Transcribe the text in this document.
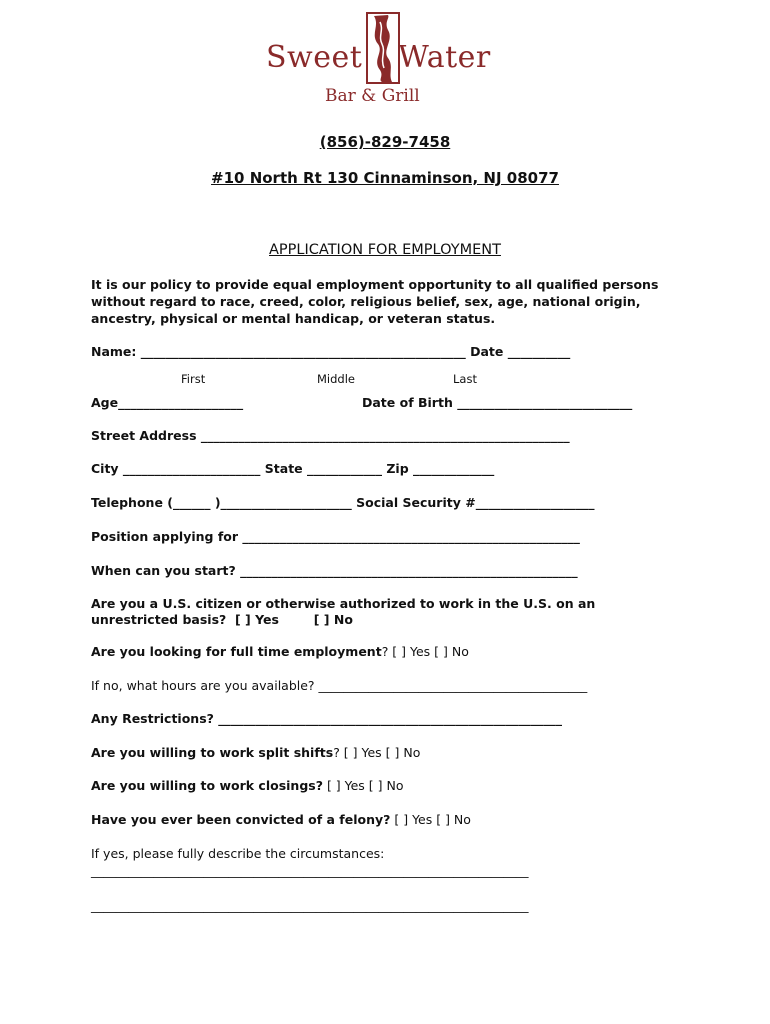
Sweet Water
Bar & Grill
(856)-829-7458
#10 North Rt 130 Cinnaminson, NJ 08077
APPLICATION FOR EMPLOYMENT
It is our policy to provide equal employment opportunity to all qualified persons without regard to race, creed, color, religious belief, sex, age, national origin, ancestry, physical or mental handicap, or veteran status.
Name: ____________________________________________________ Date __________
First	Middle	Last
Age____________________	Date of Birth ____________________________
Street Address ___________________________________________________________
City ______________________ State ____________ Zip _____________
Telephone (______ )_____________________ Social Security #___________________
Position applying for ______________________________________________________
When can you start? ______________________________________________________
Are you a U.S. citizen or otherwise authorized to work in the U.S. on an
unrestricted basis?  [ ] Yes        [ ] No
Are you looking for full time employment? [ ] Yes [ ] No
If no, what hours are you available? ___________________________________________
Any Restrictions? _______________________________________________________
Are you willing to work split shifts? [ ] Yes [ ] No
Are you willing to work closings? [ ] Yes [ ] No
Have you ever been convicted of a felony? [ ] Yes [ ] No
If yes, please fully describe the circumstances:
______________________________________________________________________
______________________________________________________________________
